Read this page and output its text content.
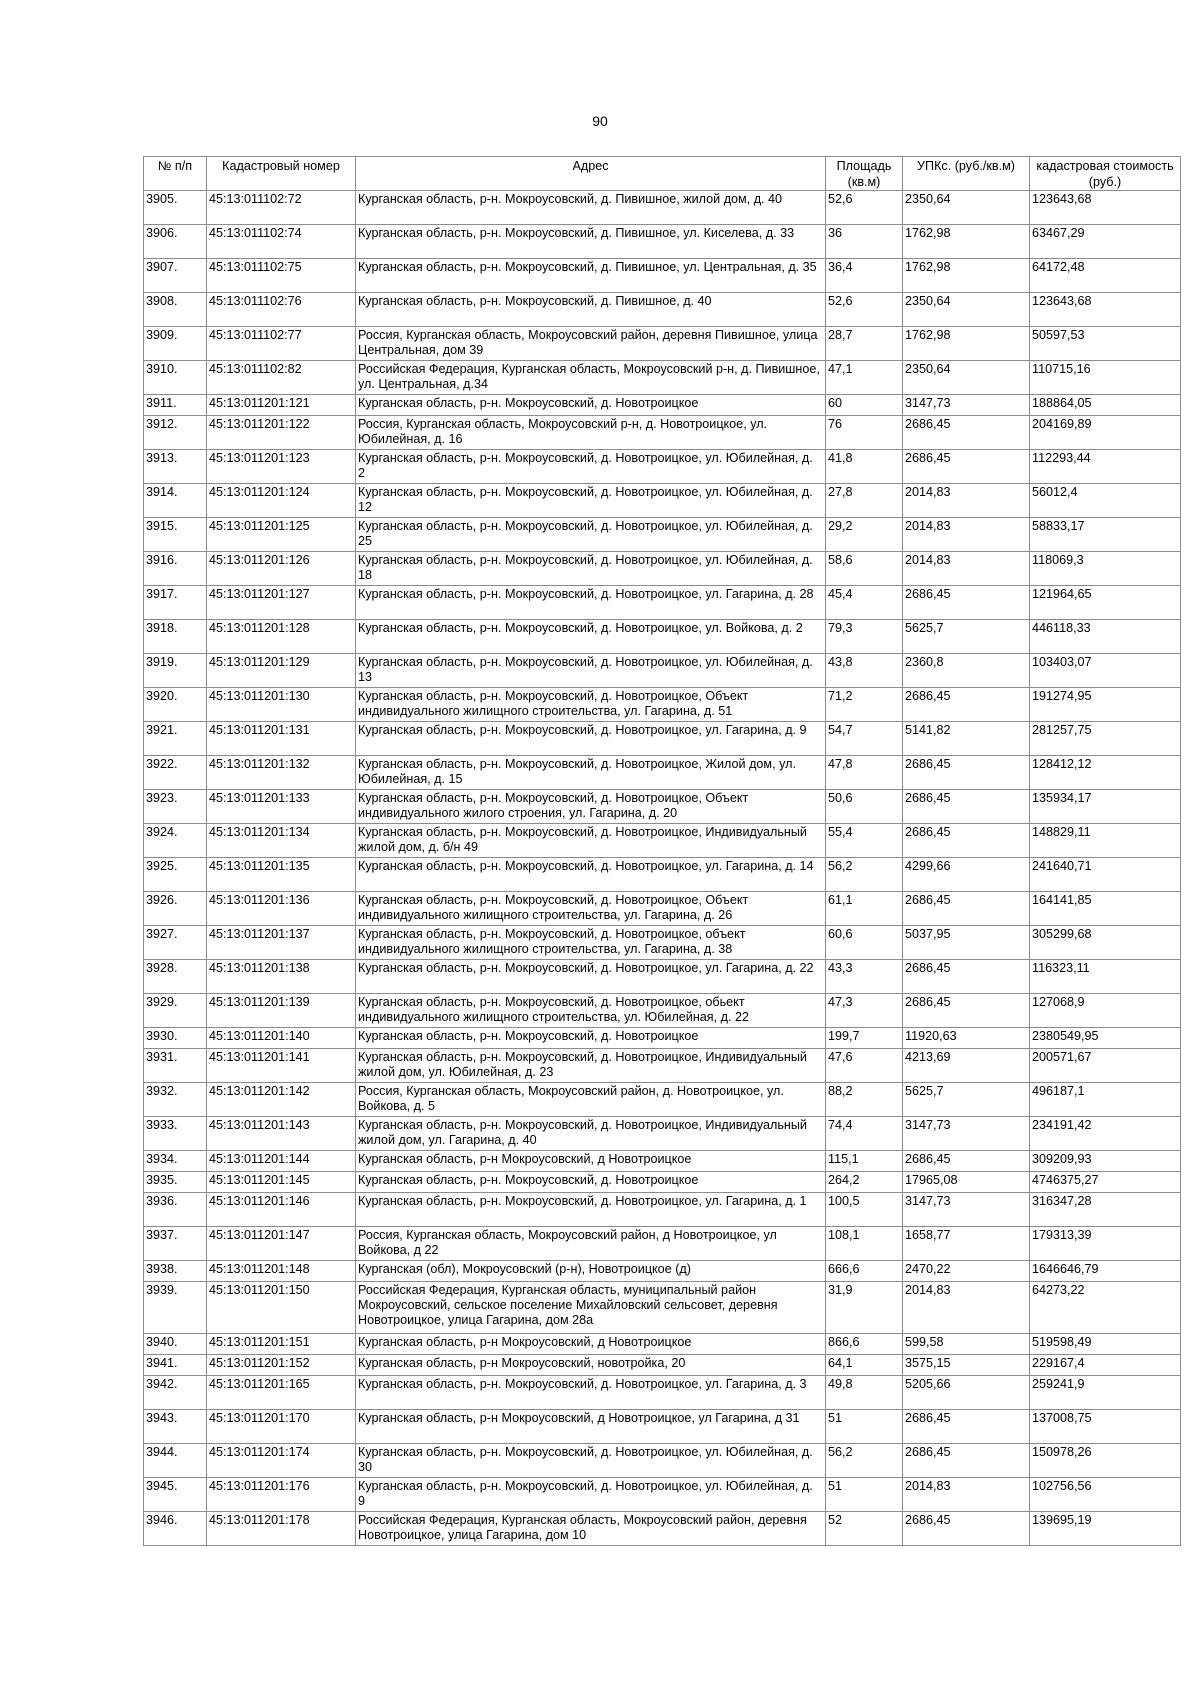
90
№ п/п	Кадастровый номер	Адрес	Площадь (кв.м)	УПКс. (руб./кв.м)	кадастровая стоимость (руб.)
3905.	45:13:011102:72	Курганская область, р-н. Мокроусовский, д. Пивишное, жилой дом, д. 40	52,6	2350,64	123643,68
3906.	45:13:011102:74	Курганская область, р-н. Мокроусовский, д. Пивишное, ул. Киселева, д. 33	36	1762,98	63467,29
3907.	45:13:011102:75	Курганская область, р-н. Мокроусовский, д. Пивишное, ул. Центральная, д. 35	36,4	1762,98	64172,48
3908.	45:13:011102:76	Курганская область, р-н. Мокроусовский, д. Пивишное, д. 40	52,6	2350,64	123643,68
3909.	45:13:011102:77	Россия, Курганская область, Мокроусовский район, деревня Пивишное, улица Центральная, дом 39	28,7	1762,98	50597,53
3910.	45:13:011102:82	Российская Федерация, Курганская область, Мокроусовский р-н, д. Пивишное, ул. Центральная, д.34	47,1	2350,64	110715,16
3911.	45:13:011201:121	Курганская область, р-н. Мокроусовский, д. Новотроицкое	60	3147,73	188864,05
3912.	45:13:011201:122	Россия, Курганская область, Мокроусовский р-н, д. Новотроицкое, ул. Юбилейная, д. 16	76	2686,45	204169,89
3913.	45:13:011201:123	Курганская область, р-н. Мокроусовский, д. Новотроицкое, ул. Юбилейная, д. 2	41,8	2686,45	112293,44
3914.	45:13:011201:124	Курганская область, р-н. Мокроусовский, д. Новотроицкое, ул. Юбилейная, д. 12	27,8	2014,83	56012,4
3915.	45:13:011201:125	Курганская область, р-н. Мокроусовский, д. Новотроицкое, ул. Юбилейная, д. 25	29,2	2014,83	58833,17
3916.	45:13:011201:126	Курганская область, р-н. Мокроусовский, д. Новотроицкое, ул. Юбилейная, д. 18	58,6	2014,83	118069,3
3917.	45:13:011201:127	Курганская область, р-н. Мокроусовский, д. Новотроицкое, ул. Гагарина, д. 28	45,4	2686,45	121964,65
3918.	45:13:011201:128	Курганская область, р-н. Мокроусовский, д. Новотроицкое, ул. Войкова, д. 2	79,3	5625,7	446118,33
3919.	45:13:011201:129	Курганская область, р-н. Мокроусовский, д. Новотроицкое, ул. Юбилейная, д. 13	43,8	2360,8	103403,07
3920.	45:13:011201:130	Курганская область, р-н. Мокроусовский, д. Новотроицкое, Объект индивидуального жилищного строительства, ул. Гагарина, д. 51	71,2	2686,45	191274,95
3921.	45:13:011201:131	Курганская область, р-н. Мокроусовский, д. Новотроицкое, ул. Гагарина, д. 9	54,7	5141,82	281257,75
3922.	45:13:011201:132	Курганская область, р-н. Мокроусовский, д. Новотроицкое, Жилой дом, ул. Юбилейная, д. 15	47,8	2686,45	128412,12
3923.	45:13:011201:133	Курганская область, р-н. Мокроусовский, д. Новотроицкое, Объект индивидуального жилого строения, ул. Гагарина, д. 20	50,6	2686,45	135934,17
3924.	45:13:011201:134	Курганская область, р-н. Мокроусовский, д. Новотроицкое, Индивидуальный жилой дом, д. б/н 49	55,4	2686,45	148829,11
3925.	45:13:011201:135	Курганская область, р-н. Мокроусовский, д. Новотроицкое, ул. Гагарина, д. 14	56,2	4299,66	241640,71
3926.	45:13:011201:136	Курганская область, р-н. Мокроусовский, д. Новотроицкое, Объект индивидуального жилищного строительства, ул. Гагарина, д. 26	61,1	2686,45	164141,85
3927.	45:13:011201:137	Курганская область, р-н. Мокроусовский, д. Новотроицкое, объект индивидуального жилищного строительства, ул. Гагарина, д. 38	60,6	5037,95	305299,68
3928.	45:13:011201:138	Курганская область, р-н. Мокроусовский, д. Новотроицкое, ул. Гагарина, д. 22	43,3	2686,45	116323,11
3929.	45:13:011201:139	Курганская область, р-н. Мокроусовский, д. Новотроицкое, обьект индивидуального жилищного строительства, ул. Юбилейная, д. 22	47,3	2686,45	127068,9
3930.	45:13:011201:140	Курганская область, р-н. Мокроусовский, д. Новотроицкое	199,7	11920,63	2380549,95
3931.	45:13:011201:141	Курганская область, р-н. Мокроусовский, д. Новотроицкое, Индивидуальный жилой дом, ул. Юбилейная, д. 23	47,6	4213,69	200571,67
3932.	45:13:011201:142	Россия, Курганская область, Мокроусовский район, д. Новотроицкое, ул. Войкова, д. 5	88,2	5625,7	496187,1
3933.	45:13:011201:143	Курганская область, р-н. Мокроусовский, д. Новотроицкое, Индивидуальный жилой дом, ул. Гагарина, д. 40	74,4	3147,73	234191,42
3934.	45:13:011201:144	Курганская область, р-н Мокроусовский, д Новотроицкое	115,1	2686,45	309209,93
3935.	45:13:011201:145	Курганская область, р-н. Мокроусовский, д. Новотроицкое	264,2	17965,08	4746375,27
3936.	45:13:011201:146	Курганская область, р-н. Мокроусовский, д. Новотроицкое, ул. Гагарина, д. 1	100,5	3147,73	316347,28
3937.	45:13:011201:147	Россия, Курганская область, Мокроусовский район, д Новотроицкое, ул Войкова, д 22	108,1	1658,77	179313,39
3938.	45:13:011201:148	Курганская (обл), Мокроусовский (р-н), Новотроицкое (д)	666,6	2470,22	1646646,79
3939.	45:13:011201:150	Российская Федерация, Курганская область, муниципальный район Мокроусовский, сельское поселение Михайловский сельсовет, деревня Новотроицкое, улица Гагарина, дом 28а	31,9	2014,83	64273,22
3940.	45:13:011201:151	Курганская область, р-н Мокроусовский, д Новотроицкое	866,6	599,58	519598,49
3941.	45:13:011201:152	Курганская область, р-н Мокроусовский, новотройка, 20	64,1	3575,15	229167,4
3942.	45:13:011201:165	Курганская область, р-н. Мокроусовский, д. Новотроицкое, ул. Гагарина, д. 3	49,8	5205,66	259241,9
3943.	45:13:011201:170	Курганская область, р-н Мокроусовский, д Новотроицкое, ул Гагарина, д 31	51	2686,45	137008,75
3944.	45:13:011201:174	Курганская область, р-н. Мокроусовский, д. Новотроицкое, ул. Юбилейная, д. 30	56,2	2686,45	150978,26
3945.	45:13:011201:176	Курганская область, р-н. Мокроусовский, д. Новотроицкое, ул. Юбилейная, д. 9	51	2014,83	102756,56
3946.	45:13:011201:178	Российская Федерация, Курганская область, Мокроусовский район, деревня Новотроицкое, улица Гагарина, дом 10	52	2686,45	139695,19
